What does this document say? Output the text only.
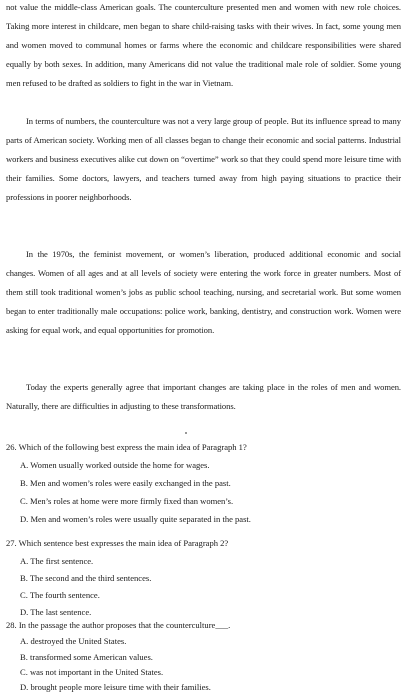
not value the middle-class American goals. The counterculture presented men and women with new role choices. Taking more interest in childcare, men began to share child-raising tasks with their wives. In fact, some young men and women moved to communal homes or farms where the economic and childcare responsibilities were shared equally by both sexes. In addition, many Americans did not value the traditional male role of soldier. Some young men refused to be drafted as soldiers to fight in the war in Vietnam.

In terms of numbers, the counterculture was not a very large group of people. But its influence spread to many parts of American society. Working men of all classes began to change their economic and social patterns. Industrial workers and business executives alike cut down on “overtime” work so that they could spend more leisure time with their families. Some doctors, lawyers, and teachers turned away from high paying situations to practice their professions in poorer neighborhoods.

In the 1970s, the feminist movement, or women’s liberation, produced additional economic and social changes. Women of all ages and at all levels of society were entering the work force in greater numbers. Most of them still took traditional women’s jobs as public school teaching, nursing, and secretarial work. But some women began to enter traditionally male occupations: police work, banking, dentistry, and construction work. Women were asking for equal work, and equal opportunities for promotion.

Today the experts generally agree that important changes are taking place in the roles of men and women. Naturally, there are difficulties in adjusting to these transformations.

26. Which of the following best express the main idea of Paragraph 1?

A. Women usually worked outside the home for wages.

B. Men and women’s roles were easily exchanged in the past.

C. Men’s roles at home were more firmly fixed than women’s.

D. Men and women’s roles were usually quite separated in the past.

27. Which sentence best expresses the main idea of Paragraph 2?

A. The first sentence.

B. The second and the third sentences.

C. The fourth sentence.

D. The last sentence.

28. In the passage the author proposes that the counterculture___.

A. destroyed the United States.

B. transformed some American values.

C. was not important in the United States.

D. brought people more leisure time with their families.
